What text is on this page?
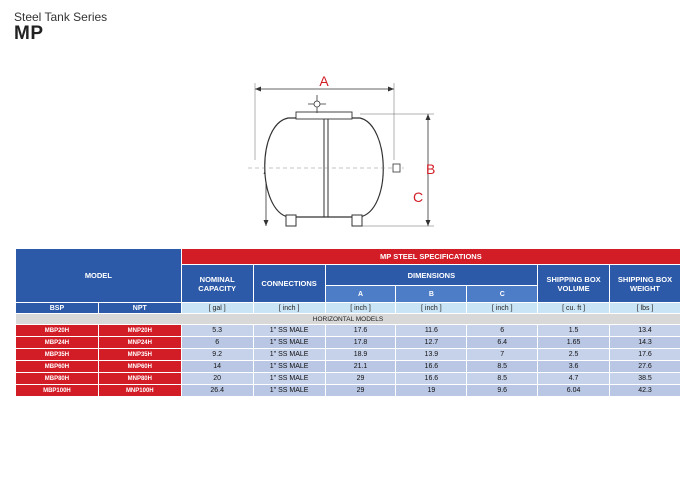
Steel Tank Series
MP
A
B
C
MODEL		MP STEEL SPECIFICATIONS						
		NOMINAL CAPACITY	CONNECTIONS	DIMENSIONS			SHIPPING BOX VOLUME	SHIPPING BOX WEIGHT
				A	B	C		
BSP	NPT	[ gal ]	[ inch ]	[ inch ]	[ inch ]	[ inch ]	[ cu. ft ]	[ lbs ]
HORIZONTAL MODELS								
MBP20H	MNP20H	5.3	1" SS MALE	17.6	11.6	6	1.5	13.4
MBP24H	MNP24H	6	1" SS MALE	17.8	12.7	6.4	1.65	14.3
MBP35H	MNP35H	9.2	1" SS MALE	18.9	13.9	7	2.5	17.6
MBP60H	MNP60H	14	1" SS MALE	21.1	16.6	8.5	3.6	27.6
MBP80H	MNP80H	20	1" SS MALE	29	16.6	8.5	4.7	38.5
MBP100H	MNP100H	26.4	1" SS MALE	29	19	9.6	6.04	42.3
